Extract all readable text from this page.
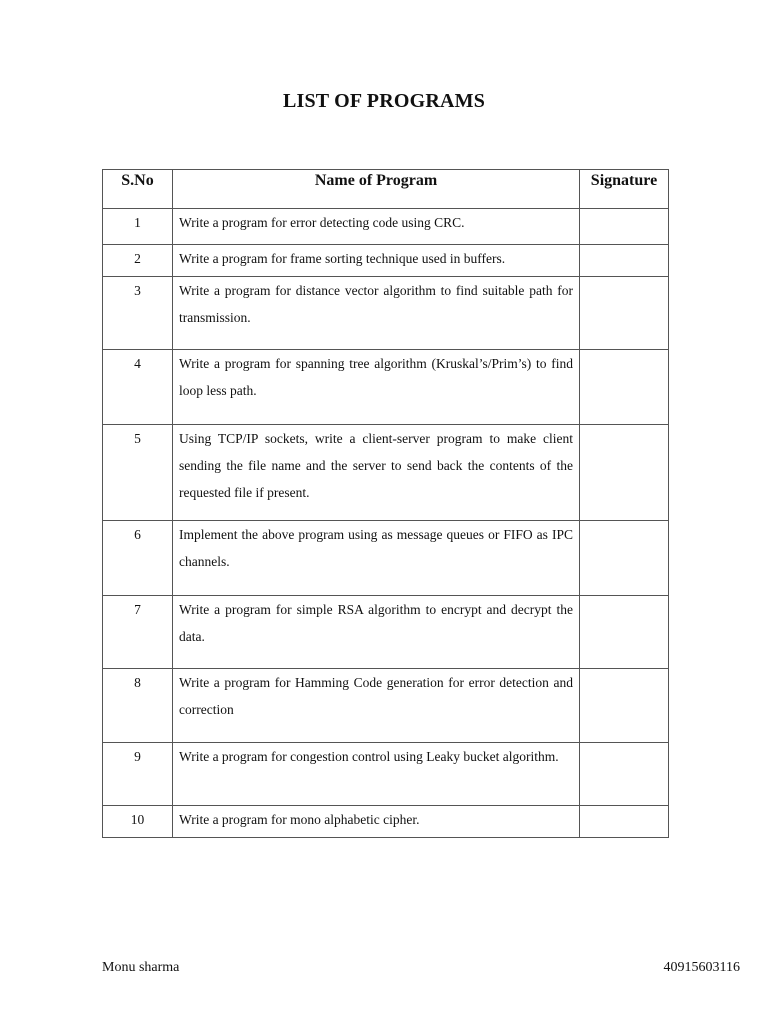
LIST OF PROGRAMS
S.No	Name of Program	Signature
1	Write a program for error detecting code using CRC.	
2	Write a program for frame sorting technique used in buffers.	
3	Write a program for distance vector algorithm to find suitable path for transmission.	
4	Write a program for spanning tree algorithm (Kruskal’s/Prim’s) to find loop less path.	
5	Using TCP/IP sockets, write a client-server program to make client sending the file name and the server to send back the contents of the requested file if present.	
6	Implement the above program using as message queues or FIFO as IPC channels.	
7	Write a program for simple RSA algorithm to encrypt and decrypt the data.	
8	Write a program for Hamming Code generation for error detection and correction	
9	Write a program for congestion control using Leaky bucket algorithm.	
10	Write a program for mono alphabetic cipher.	
Monu sharma	40915603116
